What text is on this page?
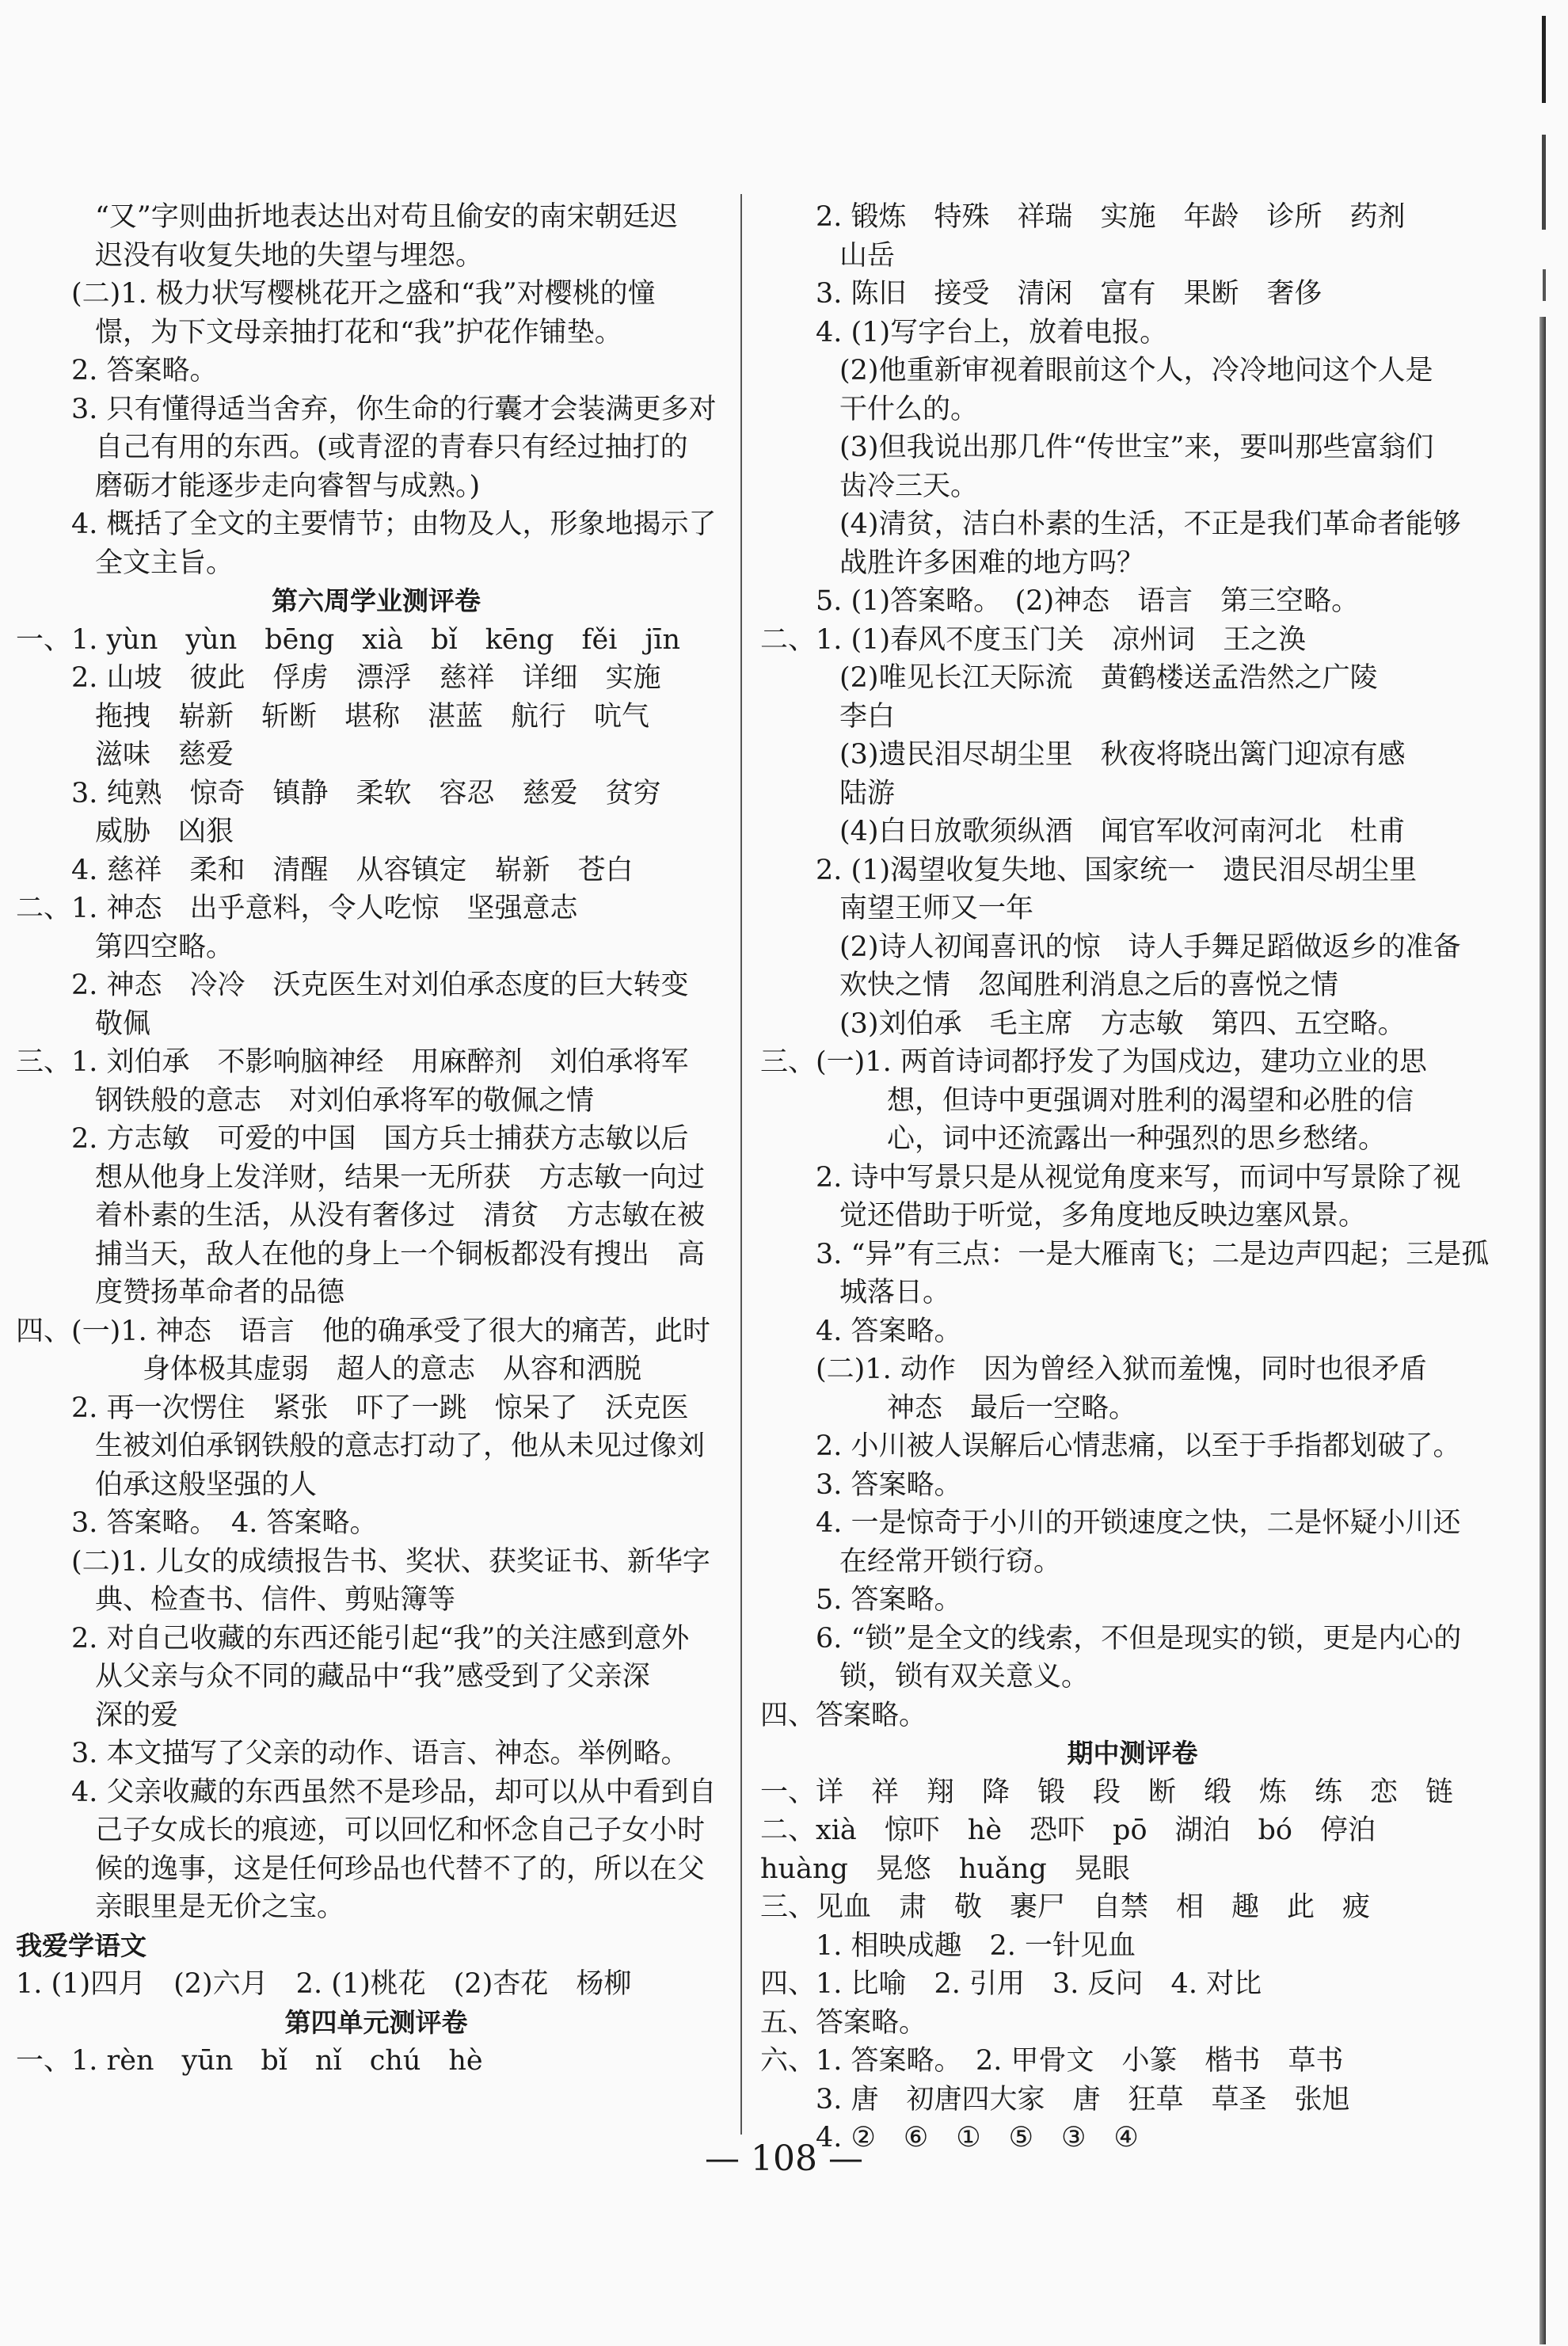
“又”字则曲折地表达出对苟且偷安的南宋朝廷迟
迟没有收复失地的失望与埋怨。
(二)1. 极力状写樱桃花开之盛和“我”对樱桃的憧
憬，为下文母亲抽打花和“我”护花作铺垫。
2. 答案略。
3. 只有懂得适当舍弃，你生命的行囊才会装满更多对
自己有用的东西。(或青涩的青春只有经过抽打的
磨砺才能逐步走向睿智与成熟。)
4. 概括了全文的主要情节；由物及人，形象地揭示了
全文主旨。
第六周学业测评卷
一、1. yùn　yùn　bēng　xià　bǐ　kēng　fěi　jīn
2. 山坡　彼此　俘虏　漂浮　慈祥　详细　实施
拖拽　崭新　斩断　堪称　湛蓝　航行　吭气
滋味　慈爱
3. 纯熟　惊奇　镇静　柔软　容忍　慈爱　贫穷
威胁　凶狠
4. 慈祥　柔和　清醒　从容镇定　崭新　苍白
二、1. 神态　出乎意料，令人吃惊　坚强意志
第四空略。
2. 神态　冷冷　沃克医生对刘伯承态度的巨大转变
敬佩
三、1. 刘伯承　不影响脑神经　用麻醉剂　刘伯承将军
钢铁般的意志　对刘伯承将军的敬佩之情
2. 方志敏　可爱的中国　国方兵士捕获方志敏以后
想从他身上发洋财，结果一无所获　方志敏一向过
着朴素的生活，从没有奢侈过　清贫　方志敏在被
捕当天，敌人在他的身上一个铜板都没有搜出　高
度赞扬革命者的品德
四、(一)1. 神态　语言　他的确承受了很大的痛苦，此时
身体极其虚弱　超人的意志　从容和洒脱
2. 再一次愣住　紧张　吓了一跳　惊呆了　沃克医
生被刘伯承钢铁般的意志打动了，他从未见过像刘
伯承这般坚强的人
3. 答案略。　4. 答案略。
(二)1. 儿女的成绩报告书、奖状、获奖证书、新华字
典、检查书、信件、剪贴簿等
2. 对自己收藏的东西还能引起“我”的关注感到意外
从父亲与众不同的藏品中“我”感受到了父亲深
深的爱
3. 本文描写了父亲的动作、语言、神态。举例略。
4. 父亲收藏的东西虽然不是珍品，却可以从中看到自
己子女成长的痕迹，可以回忆和怀念自己子女小时
候的逸事，这是任何珍品也代替不了的，所以在父
亲眼里是无价之宝。
我爱学语文
1. (1)四月　(2)六月　2. (1)桃花　(2)杏花　杨柳
第四单元测评卷
一、1. rèn　yūn　bǐ　nǐ　chú　hè
2. 锻炼　特殊　祥瑞　实施　年龄　诊所　药剂
山岳
3. 陈旧　接受　清闲　富有　果断　奢侈
4. (1)写字台上，放着电报。
(2)他重新审视着眼前这个人，冷冷地问这个人是
干什么的。
(3)但我说出那几件“传世宝”来，要叫那些富翁们
齿冷三天。
(4)清贫，洁白朴素的生活，不正是我们革命者能够
战胜许多困难的地方吗？
5. (1)答案略。　(2)神态　语言　第三空略。
二、1. (1)春风不度玉门关　凉州词　王之涣
(2)唯见长江天际流　黄鹤楼送孟浩然之广陵
李白
(3)遗民泪尽胡尘里　秋夜将晓出篱门迎凉有感
陆游
(4)白日放歌须纵酒　闻官军收河南河北　杜甫
2. (1)渴望收复失地、国家统一　遗民泪尽胡尘里
南望王师又一年
(2)诗人初闻喜讯的惊　诗人手舞足蹈做返乡的准备
欢快之情　忽闻胜利消息之后的喜悦之情
(3)刘伯承　毛主席　方志敏　第四、五空略。
三、(一)1. 两首诗词都抒发了为国戍边，建功立业的思
想，但诗中更强调对胜利的渴望和必胜的信
心，词中还流露出一种强烈的思乡愁绪。
2. 诗中写景只是从视觉角度来写，而词中写景除了视
觉还借助于听觉，多角度地反映边塞风景。
3. “异”有三点：一是大雁南飞；二是边声四起；三是孤
城落日。
4. 答案略。
(二)1. 动作　因为曾经入狱而羞愧，同时也很矛盾
神态　最后一空略。
2. 小川被人误解后心情悲痛，以至于手指都划破了。
3. 答案略。
4. 一是惊奇于小川的开锁速度之快，二是怀疑小川还
在经常开锁行窃。
5. 答案略。
6. “锁”是全文的线索，不但是现实的锁，更是内心的
锁，锁有双关意义。
四、答案略。
期中测评卷
一、详　祥　翔　降　锻　段　断　缎　炼　练　恋　链
二、xià　惊吓　hè　恐吓　pō　湖泊　bó　停泊
huàng　晃悠　huǎng　晃眼
三、见血　肃　敬　裹尸　自禁　相　趣　此　疲
1. 相映成趣　2. 一针见血
四、1. 比喻　2. 引用　3. 反问　4. 对比
五、答案略。
六、1. 答案略。　2. 甲骨文　小篆　楷书　草书
3. 唐　初唐四大家　唐　狂草　草圣　张旭
4. ②　⑥　①　⑤　③　④
— 108 —
